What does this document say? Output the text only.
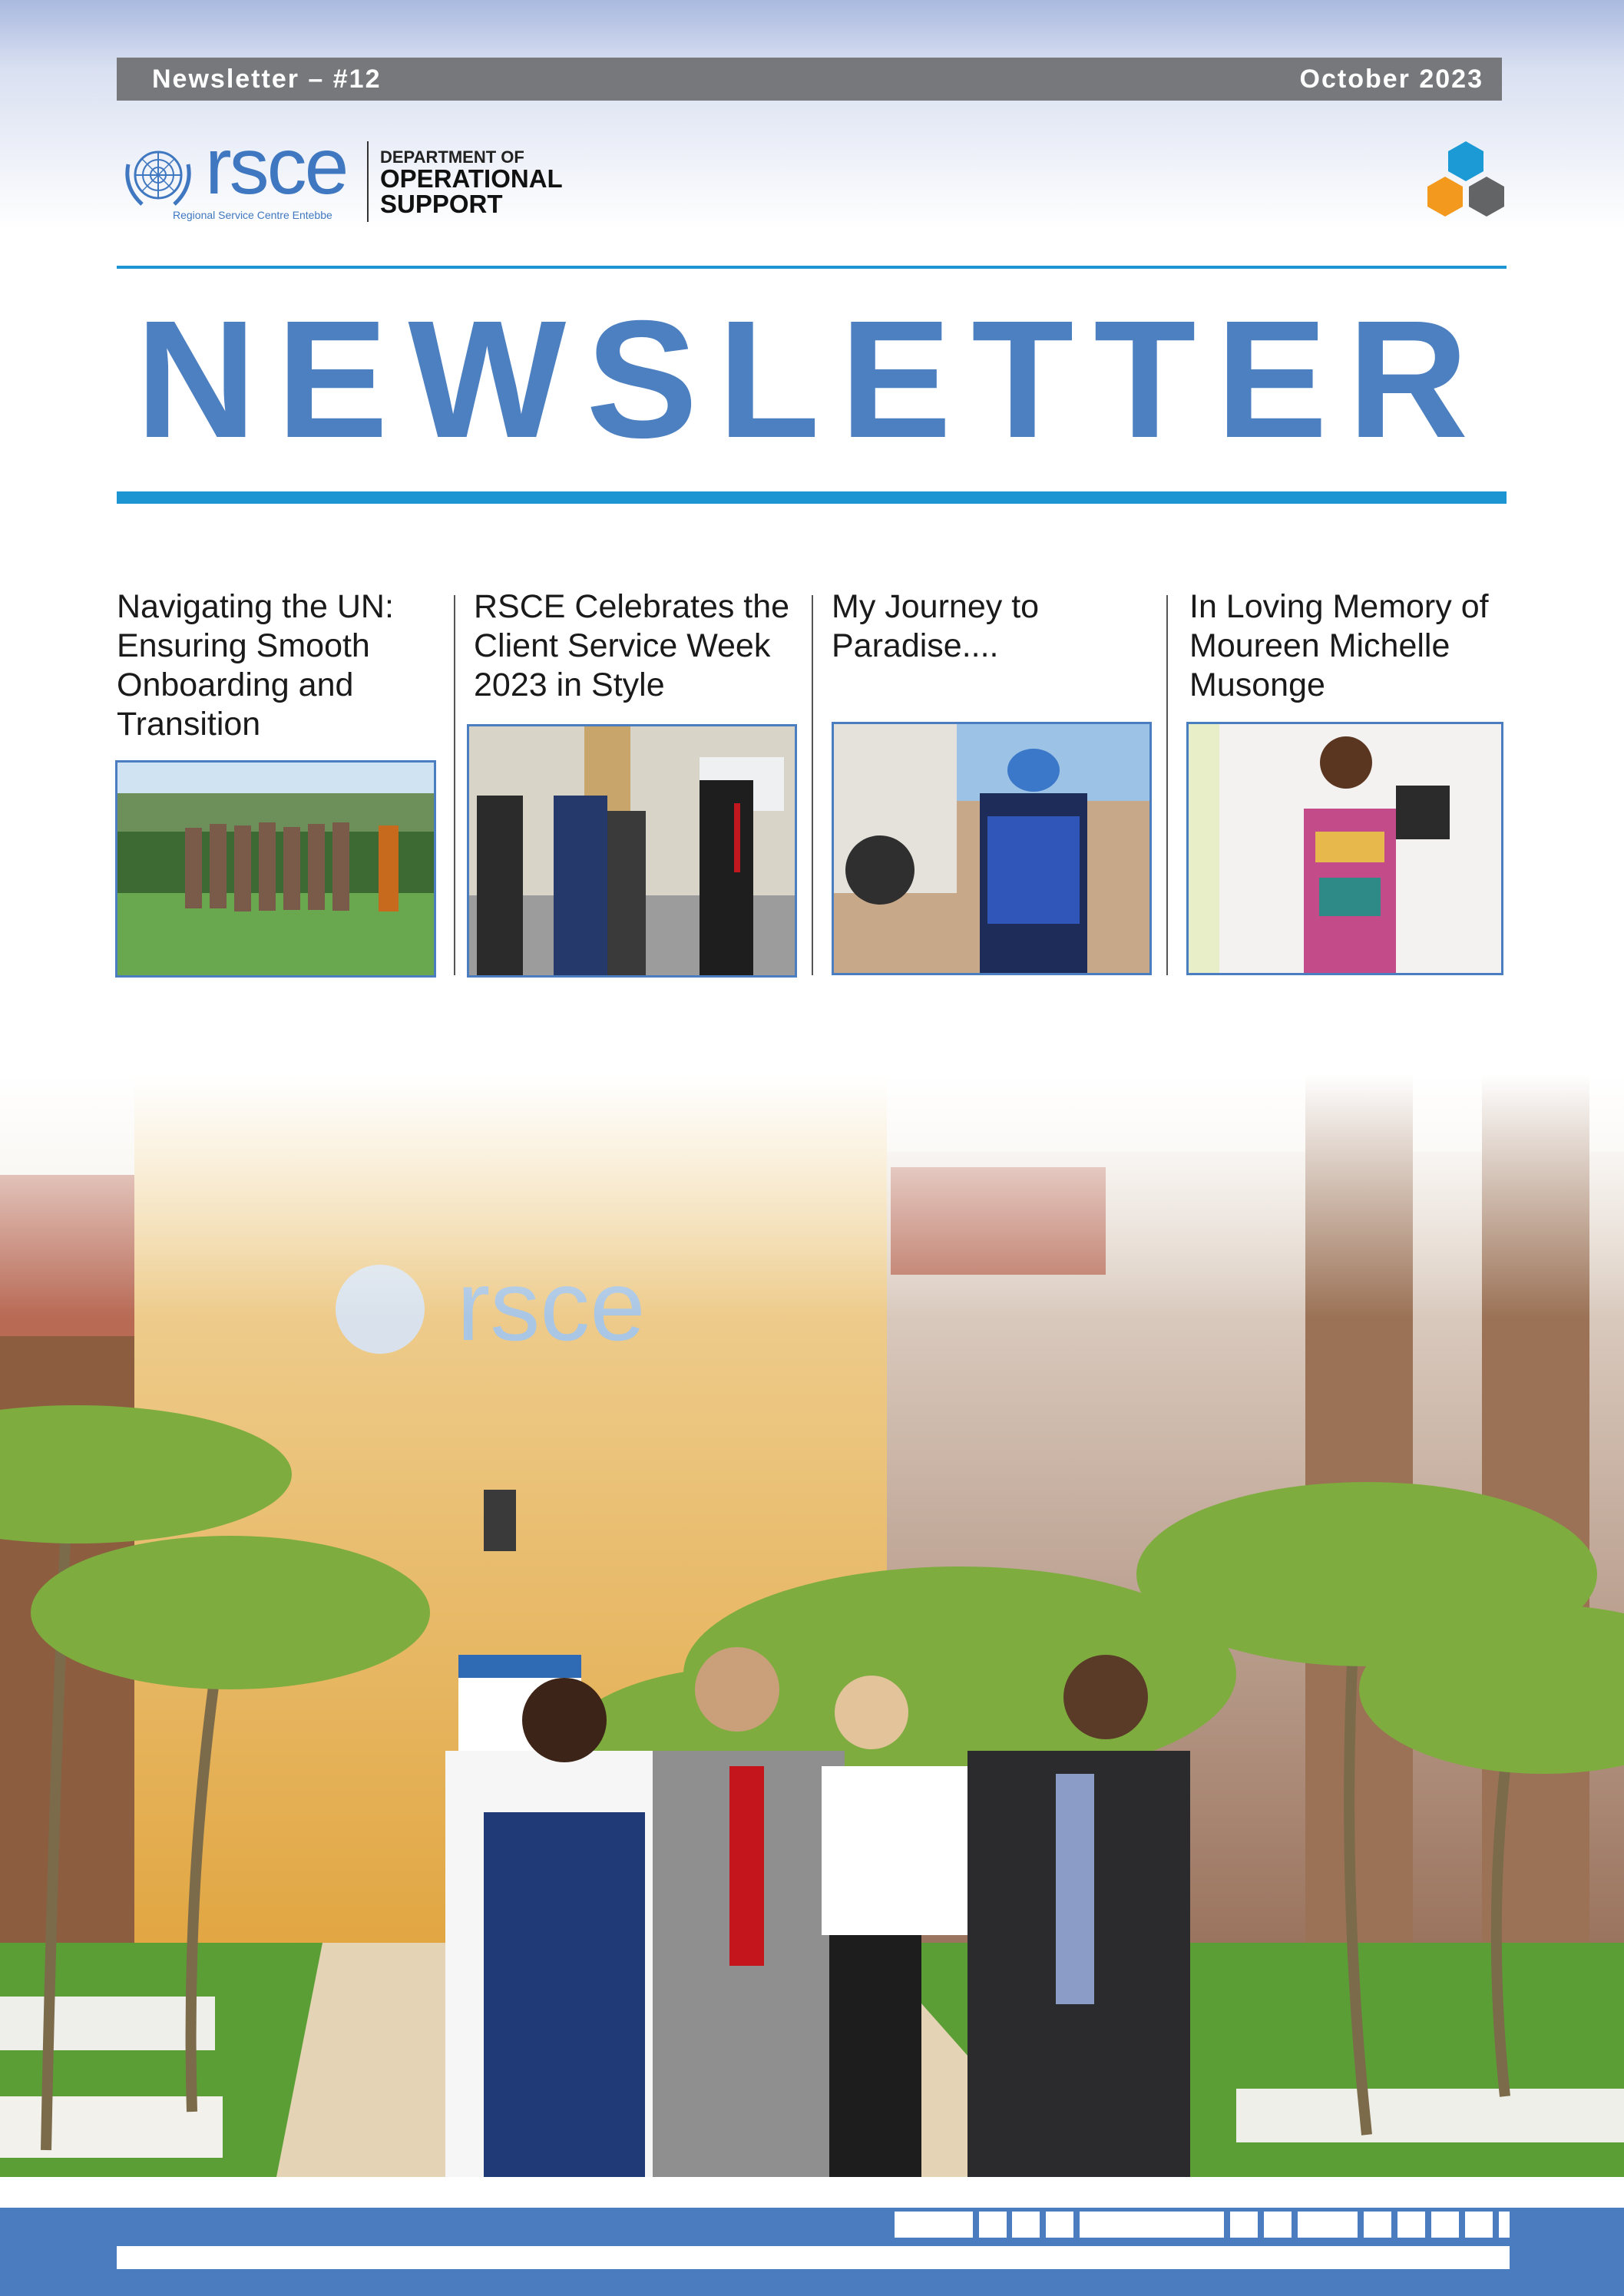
Newsletter – #12	October 2023
rsce
Regional Service Centre Entebbe
DEPARTMENT OF
OPERATIONAL
SUPPORT
NEWSLETTER
Navigating the UN: Ensuring Smooth Onboarding and Transition
RSCE Celebrates the Client Service Week 2023 in Style
My Journey to Paradise....
In Loving Memory of Moureen Michelle Musonge
